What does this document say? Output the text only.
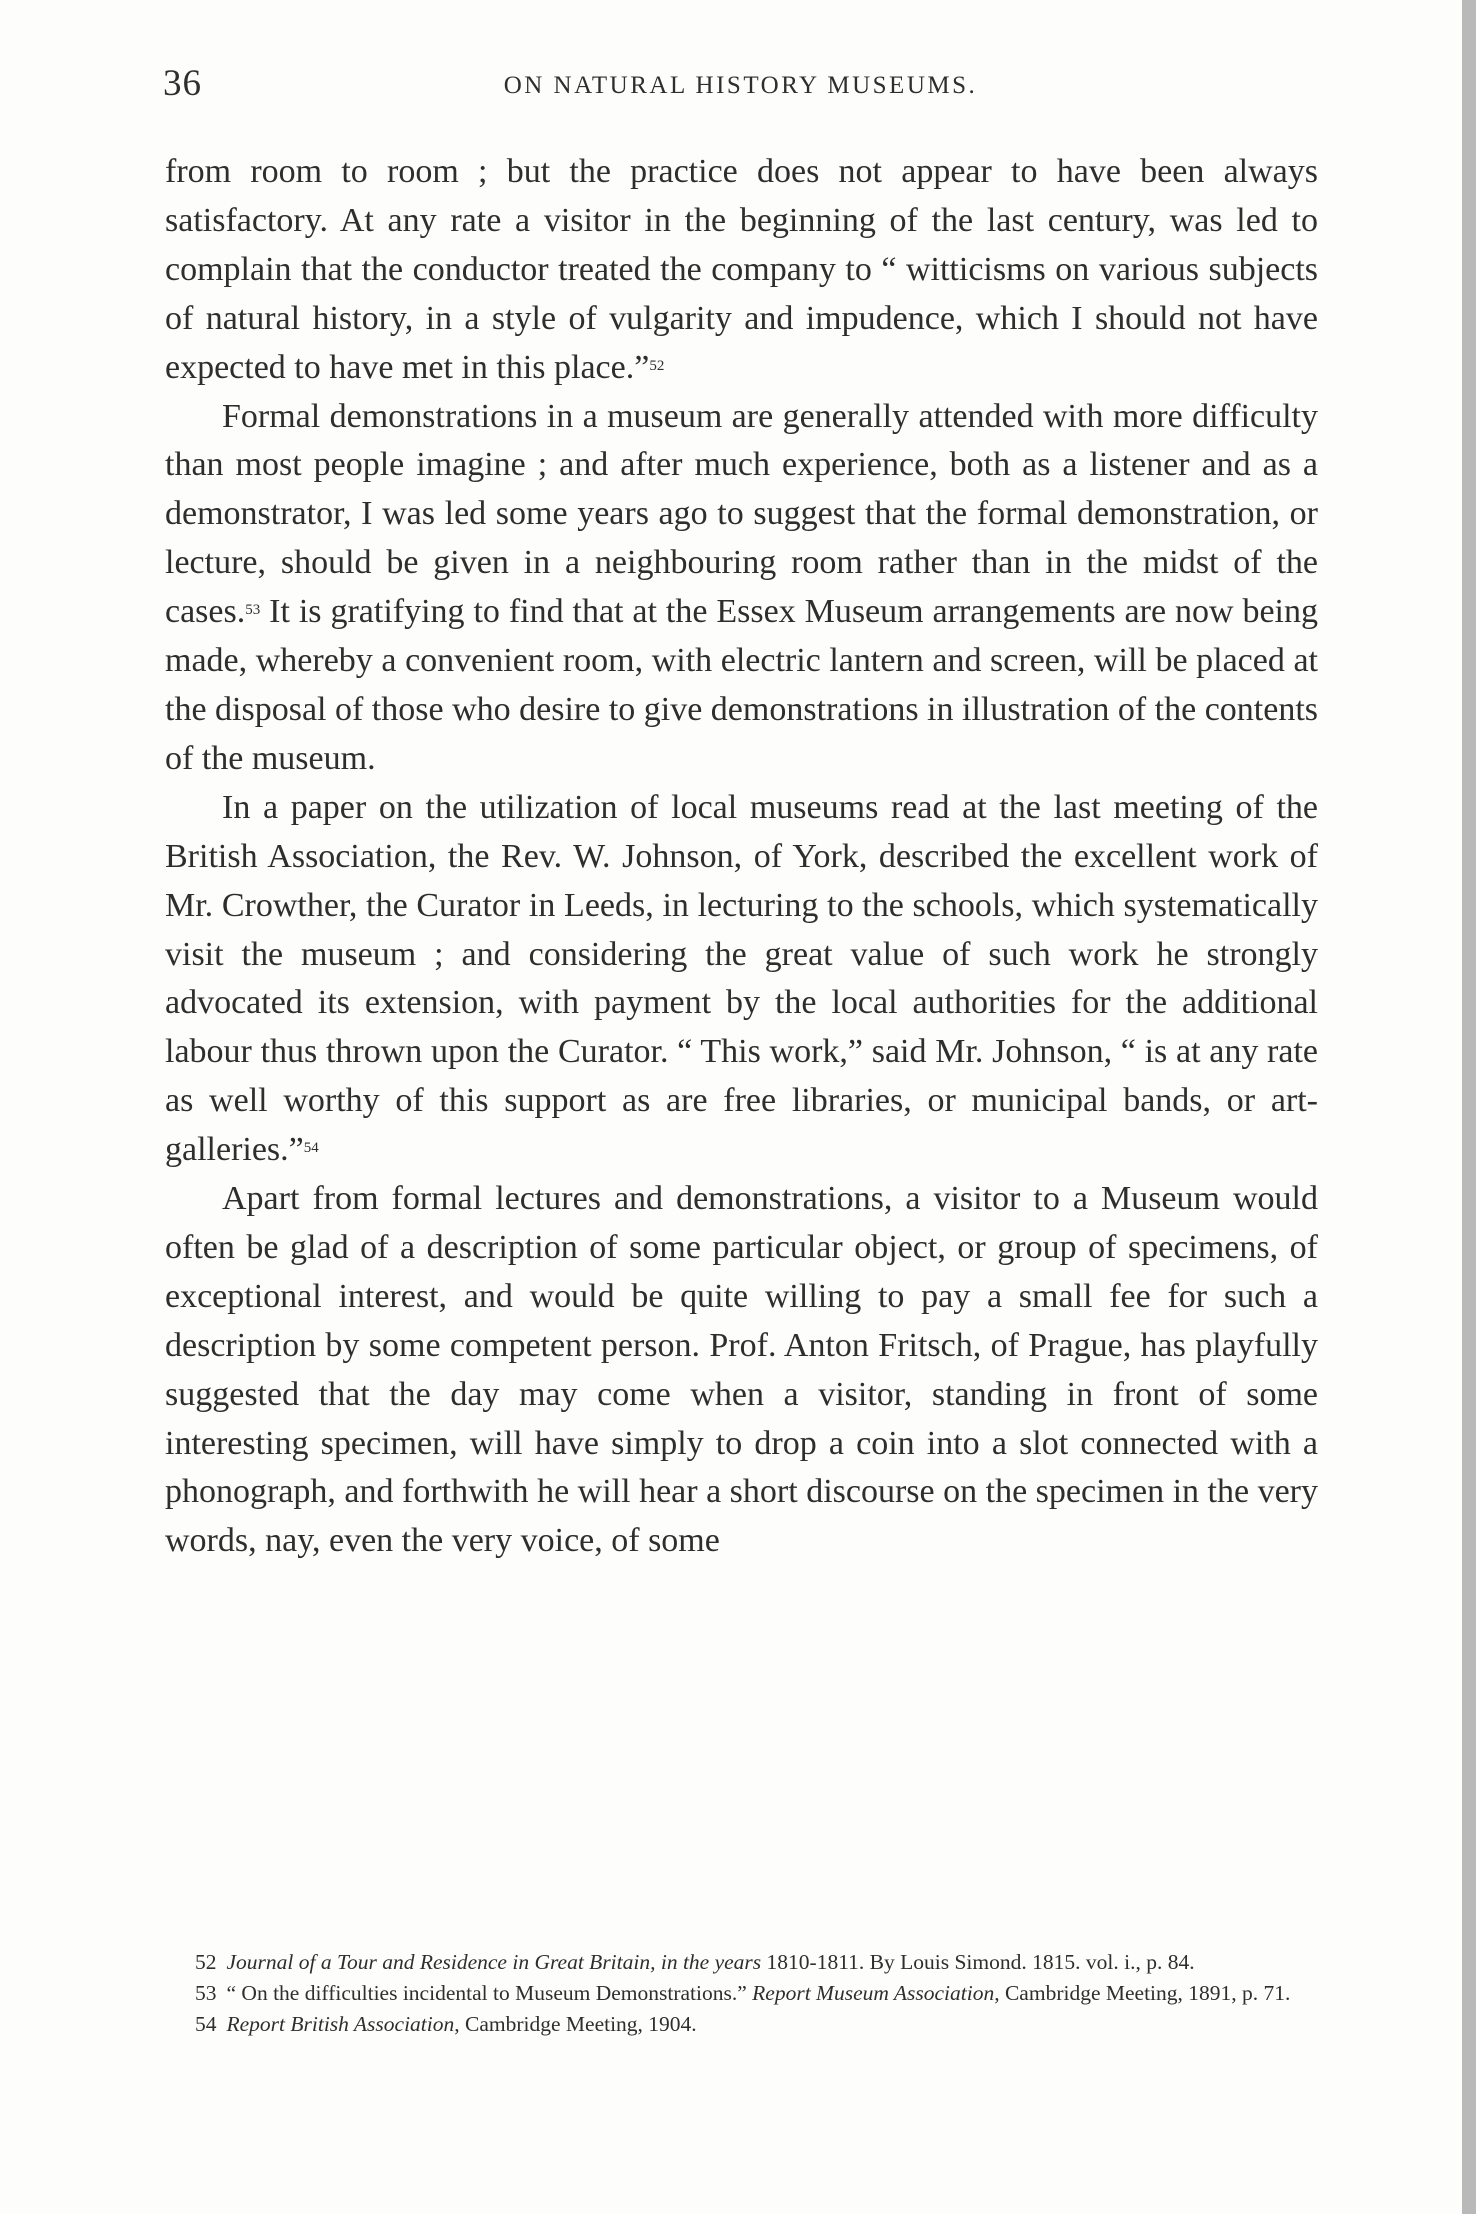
36	ON NATURAL HISTORY MUSEUMS.

from room to room ; but the practice does not appear to have been always satisfactory. At any rate a visitor in the beginning of the last century, was led to complain that the conductor treated the company to “ witticisms on various subjects of natural history, in a style of vulgarity and impudence, which I should not have expected to have met in this place.”$^{52}$

Formal demonstrations in a museum are generally attended with more difficulty than most people imagine ; and after much experience, both as a listener and as a demonstrator, I was led some years ago to suggest that the formal demonstration, or lecture, should be given in a neighbouring room rather than in the midst of the cases.$^{53}$ It is gratifying to find that at the Essex Museum arrangements are now being made, whereby a convenient room, with electric lantern and screen, will be placed at the disposal of those who desire to give demonstrations in illustration of the contents of the museum.

In a paper on the utilization of local museums read at the last meeting of the British Association, the Rev. W. Johnson, of York, described the excellent work of Mr. Crowther, the Curator in Leeds, in lecturing to the schools, which systematically visit the museum ; and considering the great value of such work he strongly advocated its extension, with payment by the local authorities for the additional labour thus thrown upon the Curator. “ This work,” said Mr. Johnson, “ is at any rate as well worthy of this support as are free libraries, or municipal bands, or art-galleries.”$^{54}$

Apart from formal lectures and demonstrations, a visitor to a Museum would often be glad of a description of some particular object, or group of specimens, of exceptional interest, and would be quite willing to pay a small fee for such a description by some competent person. Prof. Anton Fritsch, of Prague, has playfully suggested that the day may come when a visitor, standing in front of some interesting specimen, will have simply to drop a coin into a slot connected with a phonograph, and forthwith he will hear a short discourse on the specimen in the very words, nay, even the very voice, of some

52 Journal of a Tour and Residence in Great Britain, in the years 1810-1811. By Louis Simond. 1815. vol. i., p. 84.

53 “ On the difficulties incidental to Museum Demonstrations.” Report Museum Association, Cambridge Meeting, 1891, p. 71.

54 Report British Association, Cambridge Meeting, 1904.
